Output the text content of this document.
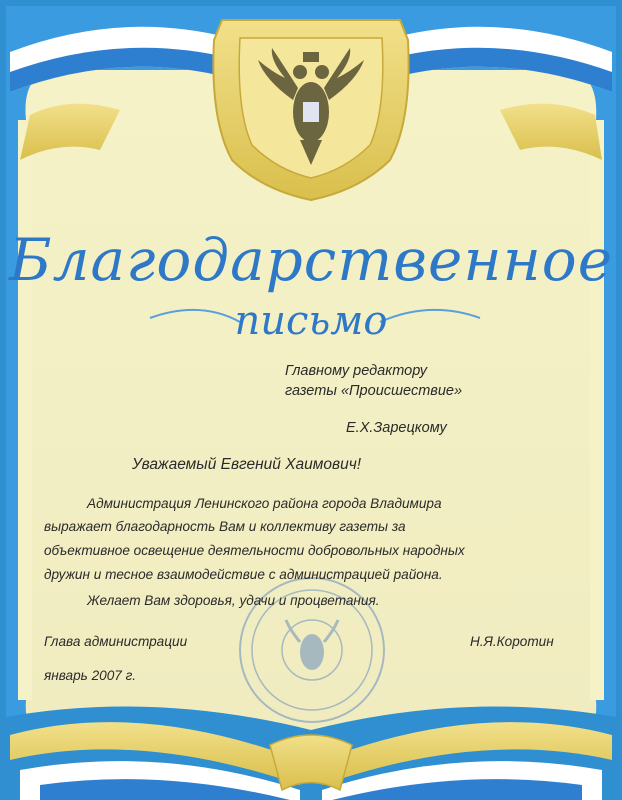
Благодарственное
письмо
Главному редактору
газеты «Происшествие»
Е.Х.Зарецкому
Уважаемый Евгений Хаимович!
Администрация Ленинского района города Владимира
выражает благодарность Вам и коллективу газеты за
объективное освещение деятельности добровольных народных
дружин и тесное взаимодействие с администрацией района.
Желает Вам здоровья, удачи и процветания.
Глава администрации	Н.Я.Коротин
январь 2007 г.
